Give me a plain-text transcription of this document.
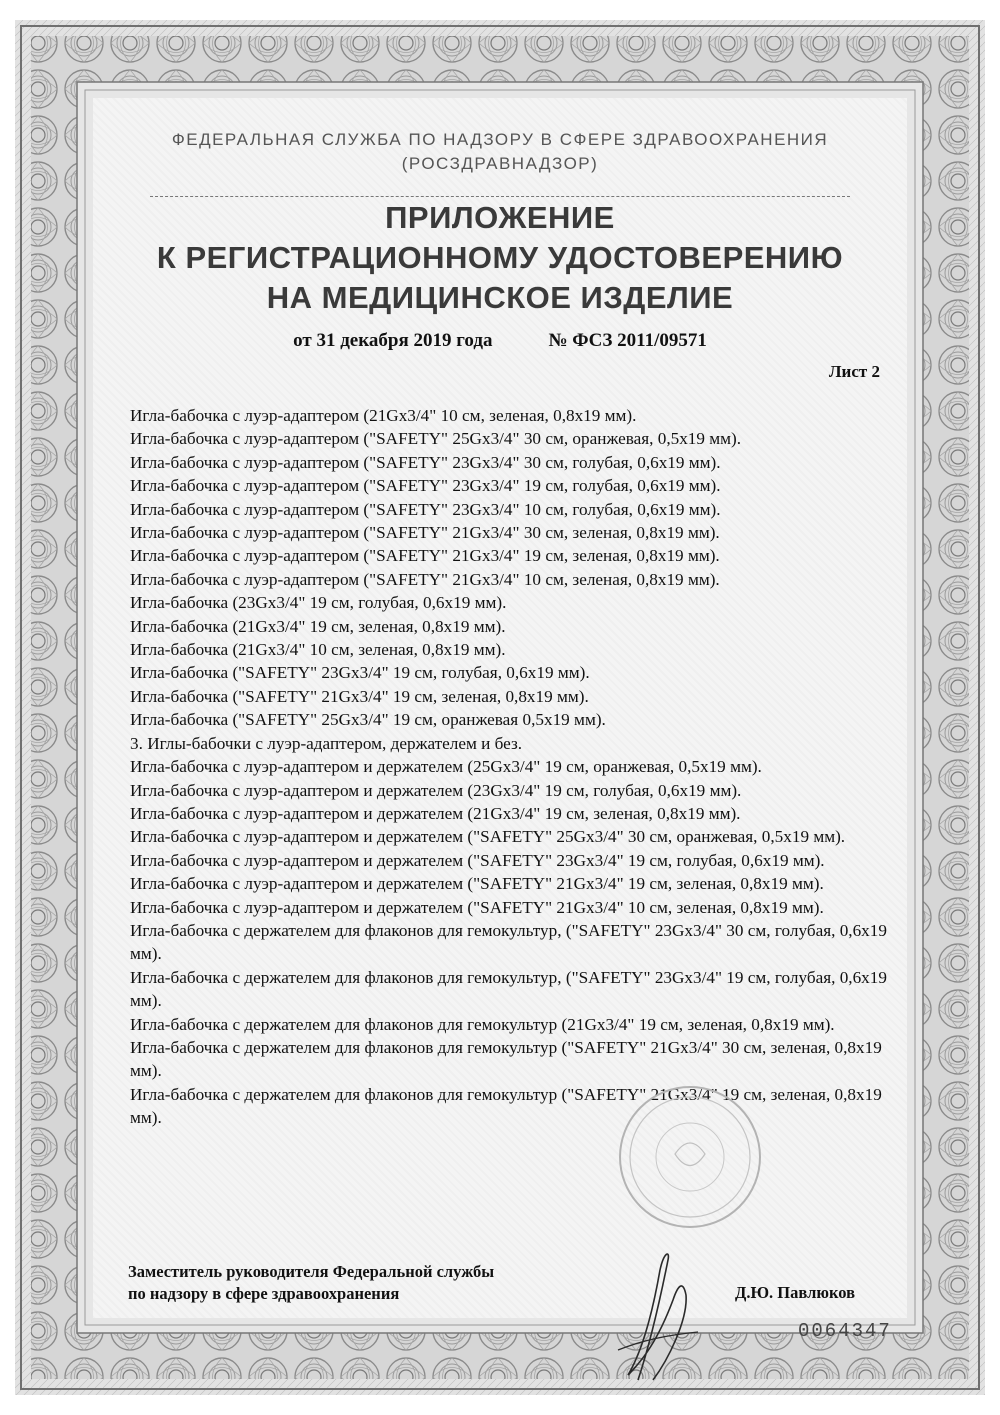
ФЕДЕРАЛЬНАЯ СЛУЖБА ПО НАДЗОРУ В СФЕРЕ ЗДРАВООХРАНЕНИЯ
(РОСЗДРАВНАДЗОР)
ПРИЛОЖЕНИЕ
К РЕГИСТРАЦИОННОМУ УДОСТОВЕРЕНИЮ
НА МЕДИЦИНСКОЕ ИЗДЕЛИЕ
от 31 декабря 2019 года	№ ФСЗ 2011/09571
Лист 2

Игла-бабочка с луэр-адаптером (21Gx3/4" 10 см, зеленая, 0,8x19 мм).

Игла-бабочка с луэр-адаптером ("SAFETY" 25Gx3/4" 30 см, оранжевая, 0,5x19 мм).

Игла-бабочка с луэр-адаптером ("SAFETY" 23Gx3/4" 30 см, голубая, 0,6x19 мм).

Игла-бабочка с луэр-адаптером ("SAFETY" 23Gx3/4" 19 см, голубая, 0,6x19 мм).

Игла-бабочка с луэр-адаптером ("SAFETY" 23Gx3/4" 10 см, голубая, 0,6x19 мм).

Игла-бабочка с луэр-адаптером ("SAFETY" 21Gx3/4" 30 см, зеленая, 0,8x19 мм).

Игла-бабочка с луэр-адаптером ("SAFETY" 21Gx3/4" 19 см, зеленая, 0,8x19 мм).

Игла-бабочка с луэр-адаптером ("SAFETY" 21Gx3/4" 10 см, зеленая, 0,8x19 мм).

Игла-бабочка (23Gx3/4" 19 см, голубая, 0,6x19 мм).

Игла-бабочка (21Gx3/4" 19 см, зеленая, 0,8x19 мм).

Игла-бабочка (21Gx3/4" 10 см, зеленая, 0,8x19 мм).

Игла-бабочка ("SAFETY" 23Gx3/4" 19 см, голубая, 0,6x19 мм).

Игла-бабочка ("SAFETY" 21Gx3/4" 19 см, зеленая, 0,8x19 мм).

Игла-бабочка ("SAFETY" 25Gx3/4" 19 см, оранжевая 0,5x19 мм).

3. Иглы-бабочки с луэр-адаптером, держателем и без.

Игла-бабочка с луэр-адаптером и держателем (25Gx3/4" 19 см, оранжевая, 0,5x19 мм).

Игла-бабочка с луэр-адаптером и держателем (23Gx3/4" 19 см, голубая, 0,6x19 мм).

Игла-бабочка с луэр-адаптером и держателем (21Gx3/4" 19 см, зеленая, 0,8x19 мм).

Игла-бабочка с луэр-адаптером и держателем ("SAFETY" 25Gx3/4" 30 см, оранжевая, 0,5x19 мм).

Игла-бабочка с луэр-адаптером и держателем ("SAFETY" 23Gx3/4" 19 см, голубая, 0,6x19 мм).

Игла-бабочка с луэр-адаптером и держателем ("SAFETY" 21Gx3/4" 19 см, зеленая, 0,8x19 мм).

Игла-бабочка с луэр-адаптером и держателем ("SAFETY" 21Gx3/4" 10 см, зеленая, 0,8x19 мм).

Игла-бабочка с держателем для флаконов для гемокультур, ("SAFETY" 23Gx3/4" 30 см, голубая, 0,6x19 мм).

Игла-бабочка с держателем для флаконов для гемокультур, ("SAFETY" 23Gx3/4" 19 см, голубая, 0,6x19 мм).

Игла-бабочка с держателем для флаконов для гемокультур (21Gx3/4" 19 см, зеленая, 0,8x19 мм).

Игла-бабочка с держателем для флаконов для гемокультур ("SAFETY" 21Gx3/4" 30 см, зеленая, 0,8x19 мм).

Игла-бабочка с держателем для флаконов для гемокультур ("SAFETY" 21Gx3/4" 19 см, зеленая, 0,8x19 мм).

Заместитель руководителя Федеральной службы
по надзору в сфере здравоохранения	Д.Ю. Павлюков
0064347
